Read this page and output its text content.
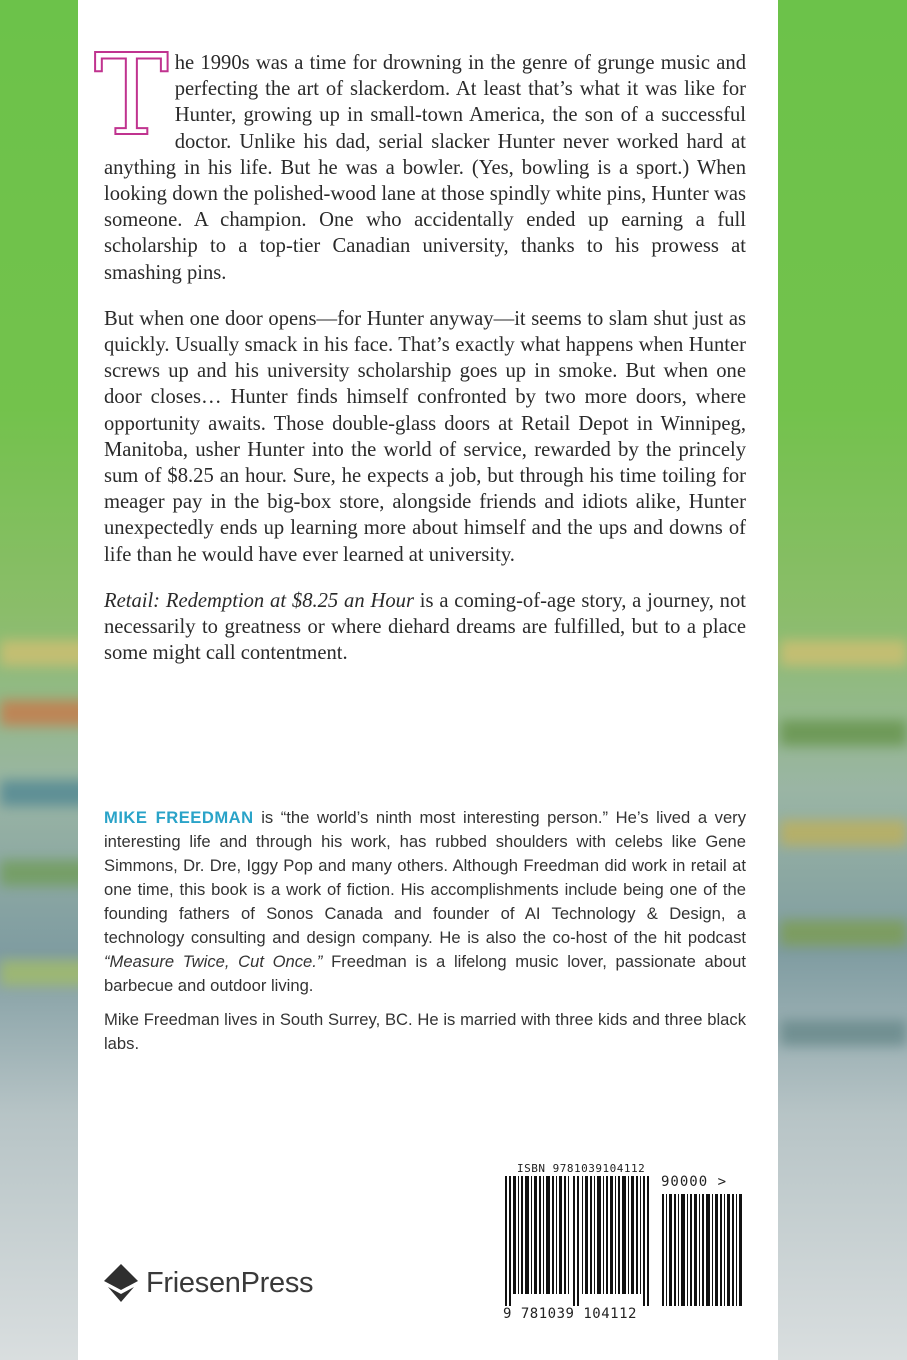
The 1990s was a time for drowning in the genre of grunge music and perfecting the art of slackerdom. At least that’s what it was like for Hunter, growing up in small-town America, the son of a successful doctor. Unlike his dad, serial slacker Hunter never worked hard at anything in his life. But he was a bowler. (Yes, bowling is a sport.) When looking down the polished-wood lane at those spindly white pins, Hunter was someone. A champion. One who accidentally ended up earning a full scholarship to a top-tier Canadian university, thanks to his prowess at smashing pins.

But when one door opens—for Hunter anyway—it seems to slam shut just as quickly. Usually smack in his face. That’s exactly what happens when Hunter screws up and his university scholarship goes up in smoke. But when one door closes… Hunter finds himself confronted by two more doors, where opportunity awaits. Those double-glass doors at Retail Depot in Winnipeg, Manitoba, usher Hunter into the world of service, rewarded by the princely sum of $8.25 an hour. Sure, he expects a job, but through his time toiling for meager pay in the big-box store, alongside friends and idiots alike, Hunter unexpectedly ends up learning more about himself and the ups and downs of life than he would have ever learned at university.

Retail: Redemption at $8.25 an Hour is a coming-of-age story, a journey, not necessarily to greatness or where diehard dreams are fulfilled, but to a place some might call contentment.

MIKE FREEDMAN is “the world’s ninth most interesting person.” He’s lived a very interesting life and through his work, has rubbed shoulders with celebs like Gene Simmons, Dr. Dre, Iggy Pop and many others. Although Freedman did work in retail at one time, this book is a work of fiction. His accomplishments include being one of the founding fathers of Sonos Canada and founder of AI Technology & Design, a technology consulting and design company. He is also the co-host of the hit podcast “Measure Twice, Cut Once.” Freedman is a lifelong music lover, passionate about barbecue and outdoor living.

Mike Freedman lives in South Surrey, BC. He is married with three kids and three black labs.

FriesenPress
ISBN 9781039104112
90000 >
9 781039 104112
